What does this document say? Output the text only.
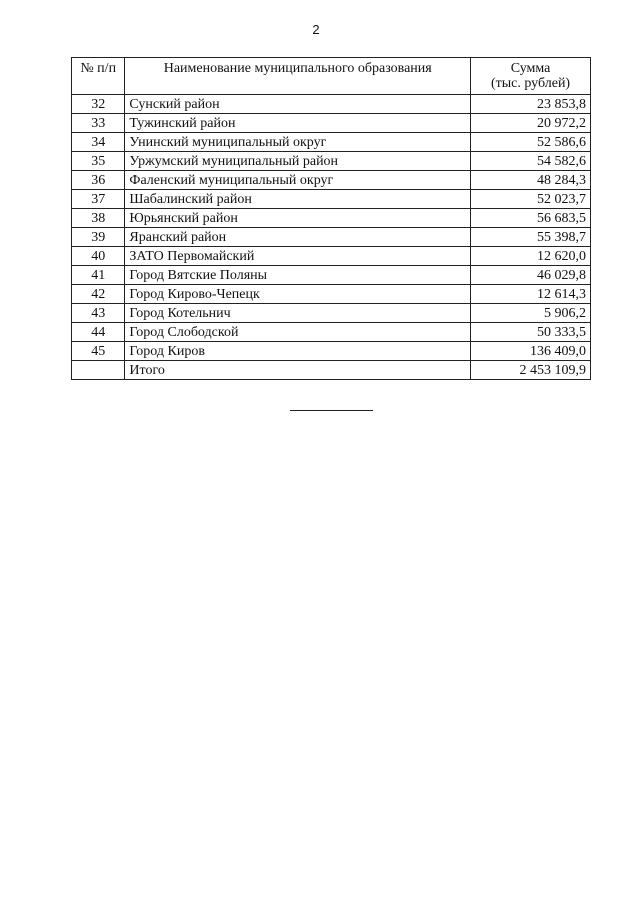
2
№ п/п	Наименование муниципального образования	Сумма
(тыс. рублей)

32	Сунский район	23 853,8
33	Тужинский район	20 972,2
34	Унинский муниципальный округ	52 586,6
35	Уржумский муниципальный район	54 582,6
36	Фаленский муниципальный округ	48 284,3
37	Шабалинский район	52 023,7
38	Юрьянский район	56 683,5
39	Яранский район	55 398,7
40	ЗАТО Первомайский	12 620,0
41	Город Вятские Поляны	46 029,8
42	Город Кирово-Чепецк	12 614,3
43	Город Котельнич	5 906,2
44	Город Слободской	50 333,5
45	Город Киров	136 409,0
	Итого	2 453 109,9
